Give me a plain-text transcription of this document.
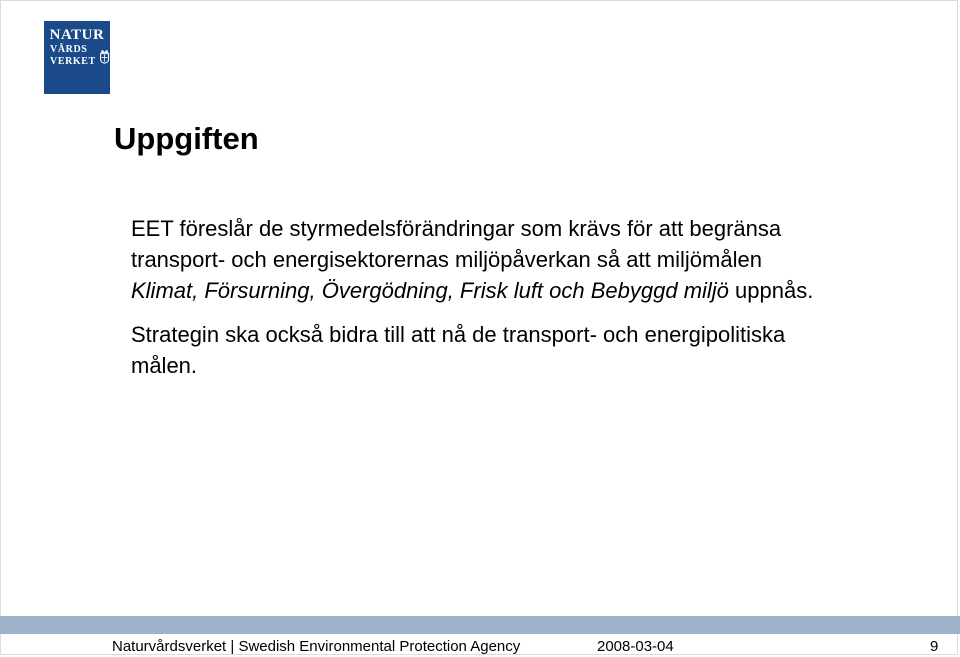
NATUR
VÅRDS
VERKET
Uppgiften

EET föreslår de styrmedelsförändringar som krävs för att begränsa transport- och energisektorernas miljöpåverkan så att miljömålen Klimat, Försurning, Övergödning, Frisk luft och Bebyggd miljö uppnås.

Strategin ska också bidra till att nå de transport- och energipolitiska målen.

Naturvårdsverket | Swedish Environmental Protection Agency	2008-03-04	9
